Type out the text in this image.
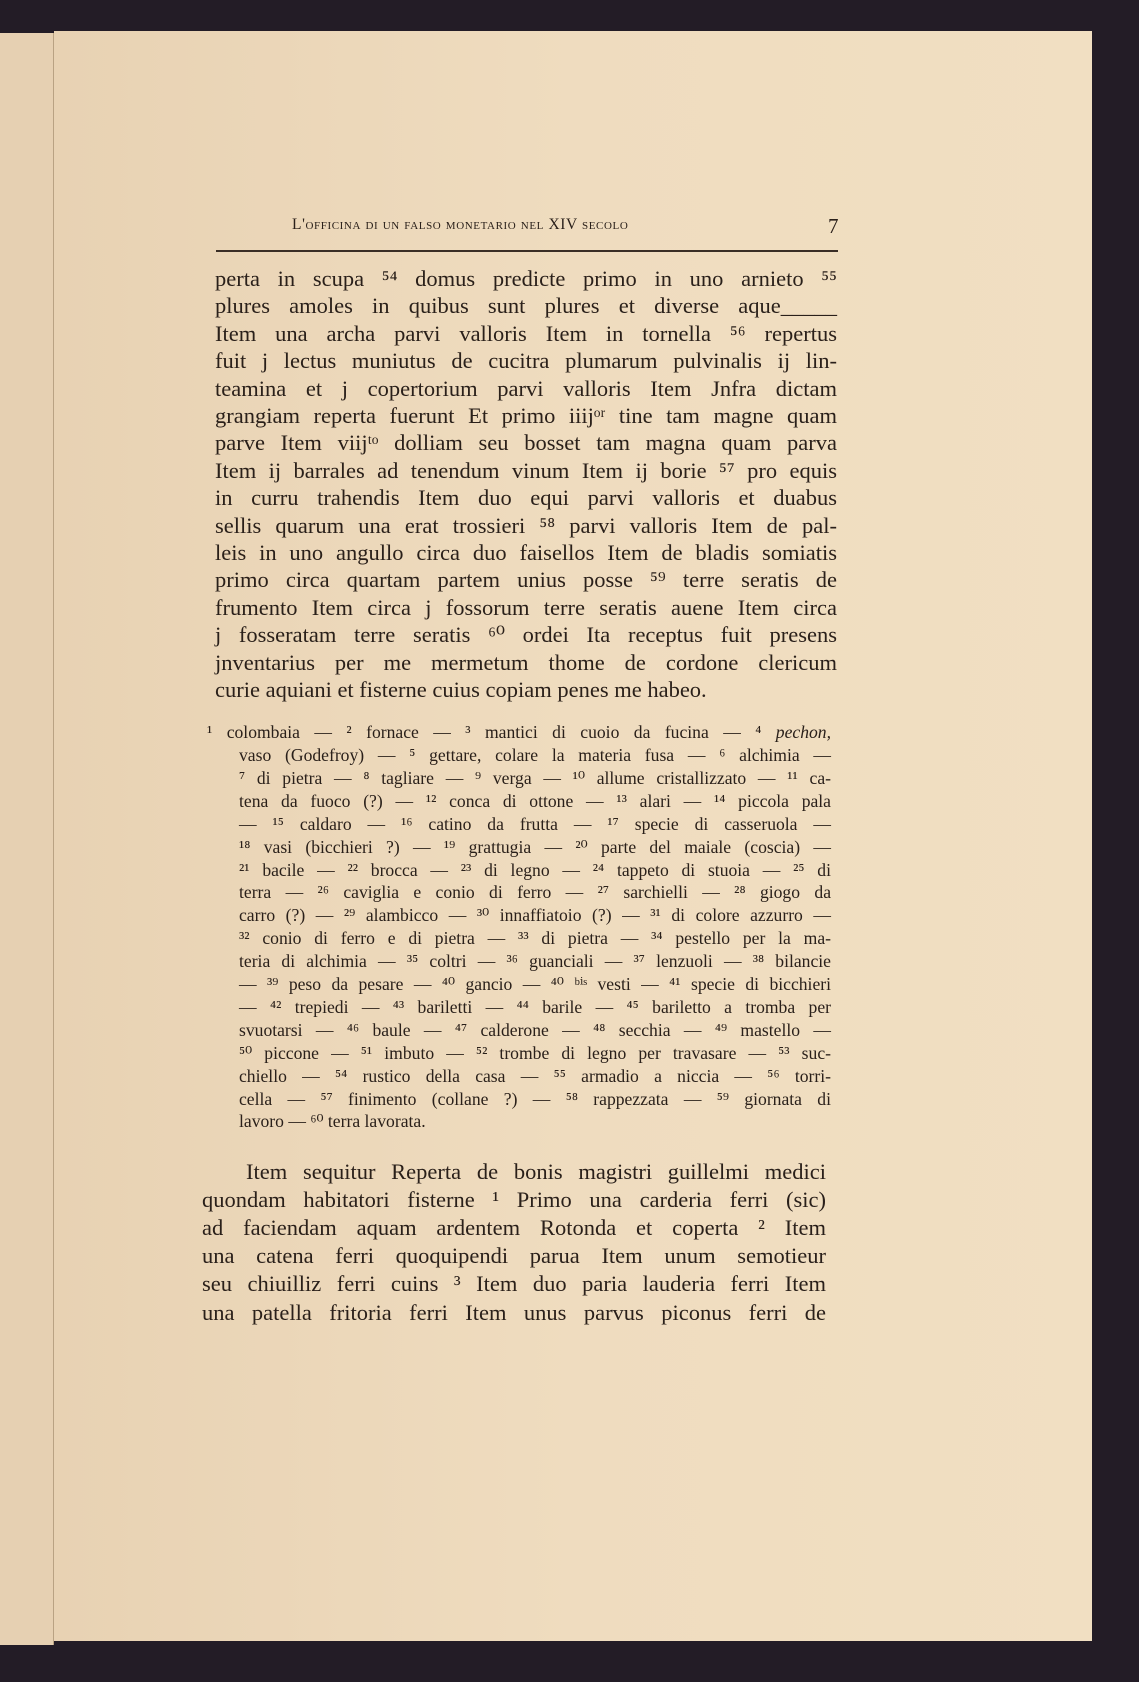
L'officina di un falso monetario nel XIV secolo	7
perta in scupa ⁵⁴ domus predicte primo in uno arnieto ⁵⁵
plures amoles in quibus sunt plures et diverse aque_____
Item una archa parvi valloris Item in tornella ⁵⁶ repertus
fuit j lectus muniutus de cucitra plumarum pulvinalis ij lin-
teamina et j copertorium parvi valloris Item Jnfra dictam
grangiam reperta fuerunt Et primo iiijᵒʳ tine tam magne quam
parve Item viijᵗᵒ dolliam seu bosset tam magna quam parva
Item ij barrales ad tenendum vinum Item ij borie ⁵⁷ pro equis
in curru trahendis Item duo equi parvi valloris et duabus
sellis quarum una erat trossieri ⁵⁸ parvi valloris Item de pal-
leis in uno angullo circa duo faisellos Item de bladis somiatis
primo circa quartam partem unius posse ⁵⁹ terre seratis de
frumento Item circa j fossorum terre seratis auene Item circa
j fosseratam terre seratis ⁶⁰ ordei Ita receptus fuit presens
jnventarius per me mermetum thome de cordone clericum
curie aquiani et fisterne cuius copiam penes me habeo.
¹ colombaia — ² fornace — ³ mantici di cuoio da fucina — ⁴ pechon,
vaso (Godefroy) — ⁵ gettare, colare la materia fusa — ⁶ alchimia —
⁷ di pietra — ⁸ tagliare — ⁹ verga — ¹⁰ allume cristallizzato — ¹¹ ca-
tena da fuoco (?) — ¹² conca di ottone — ¹³ alari — ¹⁴ piccola pala
— ¹⁵ caldaro — ¹⁶ catino da frutta — ¹⁷ specie di casseruola —
¹⁸ vasi (bicchieri ?) — ¹⁹ grattugia — ²⁰ parte del maiale (coscia) —
²¹ bacile — ²² brocca — ²³ di legno — ²⁴ tappeto di stuoia — ²⁵ di
terra — ²⁶ caviglia e conio di ferro — ²⁷ sarchielli — ²⁸ giogo da
carro (?) — ²⁹ alambicco — ³⁰ innaffiatoio (?) — ³¹ di colore azzurro —
³² conio di ferro e di pietra — ³³ di pietra — ³⁴ pestello per la ma-
teria di alchimia — ³⁵ coltri — ³⁶ guanciali — ³⁷ lenzuoli — ³⁸ bilancie
— ³⁹ peso da pesare — ⁴⁰ gancio — ⁴⁰ ᵇⁱˢ vesti — ⁴¹ specie di bicchieri
— ⁴² trepiedi — ⁴³ bariletti — ⁴⁴ barile — ⁴⁵ bariletto a tromba per
svuotarsi — ⁴⁶ baule — ⁴⁷ calderone — ⁴⁸ secchia — ⁴⁹ mastello —
⁵⁰ piccone — ⁵¹ imbuto — ⁵² trombe di legno per travasare — ⁵³ suc-
chiello — ⁵⁴ rustico della casa — ⁵⁵ armadio a niccia — ⁵⁶ torri-
cella — ⁵⁷ finimento (collane ?) — ⁵⁸ rappezzata — ⁵⁹ giornata di
lavoro — ⁶⁰ terra lavorata.
Item sequitur Reperta de bonis magistri guillelmi medici
quondam habitatori fisterne ¹ Primo una carderia ferri (sic)
ad faciendam aquam ardentem Rotonda et coperta ² Item
una catena ferri quoquipendi parua Item unum semotieur
seu chiuilliz ferri cuins ³ Item duo paria lauderia ferri Item
una patella fritoria ferri Item unus parvus piconus ferri de
